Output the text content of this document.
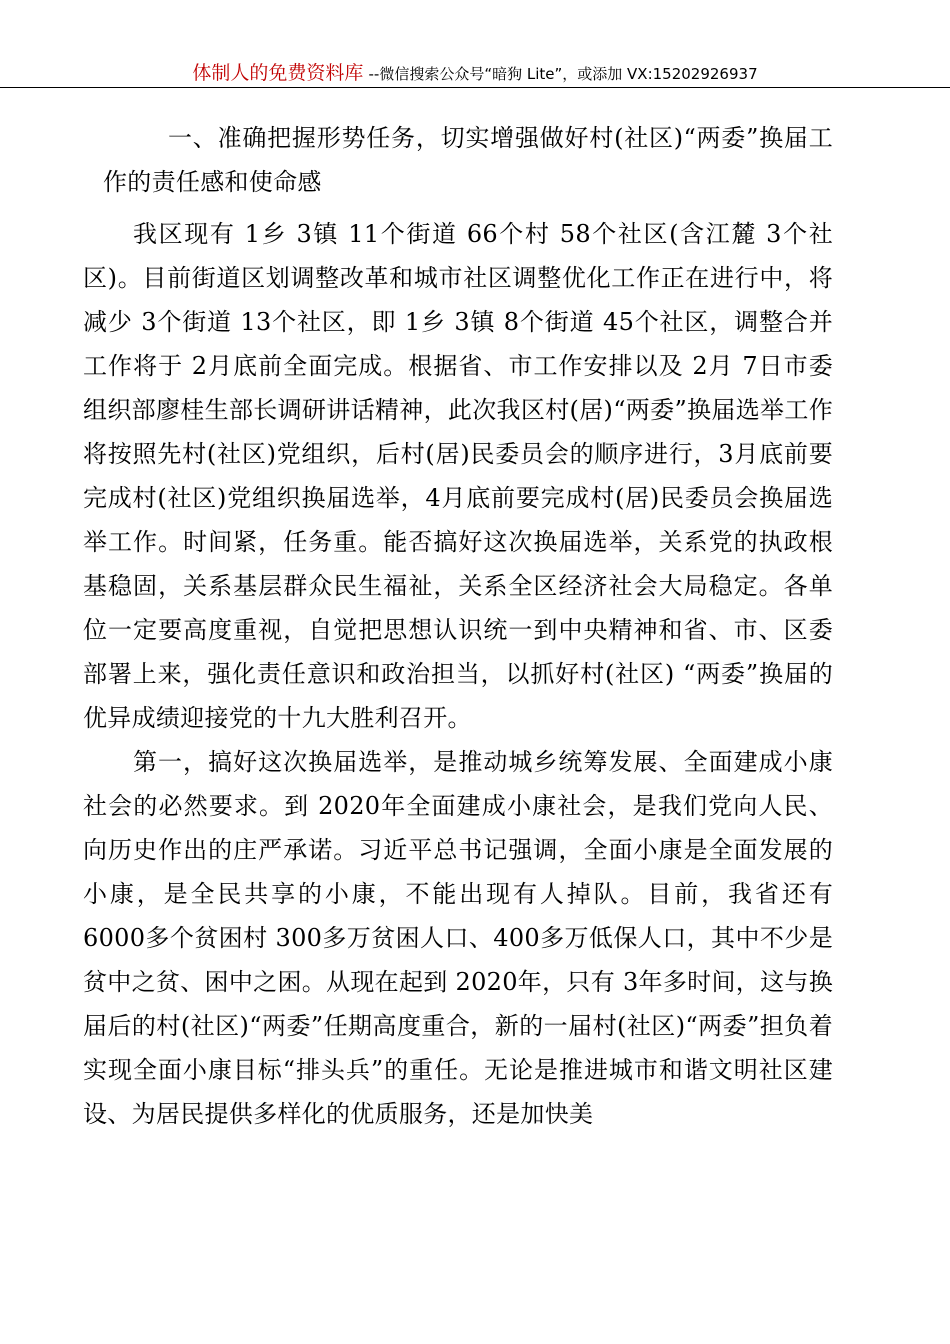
体制人的免费资料库 --微信搜索公众号“暗狗 Lite”，或添加 VX:15202926937
一、准确把握形势任务，切实增强做好村(社区)“两委”换届工作的责任感和使命感

我区现有 1乡 3镇 11个街道 66个村 58个社区(含江麓 3个社区)。目前街道区划调整改革和城市社区调整优化工作正在进行中，将减少 3个街道 13个社区，即 1乡 3镇 8个街道 45个社区，调整合并工作将于 2月底前全面完成。根据省、市工作安排以及 2月 7日市委组织部廖桂生部长调研讲话精神，此次我区村(居)“两委”换届选举工作将按照先村(社区)党组织，后村(居)民委员会的顺序进行，3月底前要完成村(社区)党组织换届选举，4月底前要完成村(居)民委员会换届选举工作。时间紧，任务重。能否搞好这次换届选举，关系党的执政根基稳固，关系基层群众民生福祉，关系全区经济社会大局稳定。各单位一定要高度重视，自觉把思想认识统一到中央精神和省、市、区委部署上来，强化责任意识和政治担当，以抓好村(社区) “两委”换届的优异成绩迎接党的十九大胜利召开。

第一，搞好这次换届选举，是推动城乡统筹发展、全面建成小康社会的必然要求。到 2020年全面建成小康社会，是我们党向人民、向历史作出的庄严承诺。习近平总书记强调，全面小康是全面发展的小康，是全民共享的小康，不能出现有人掉队。目前，我省还有 6000多个贫困村 300多万贫困人口、400多万低保人口，其中不少是贫中之贫、困中之困。从现在起到 2020年，只有 3年多时间，这与换届后的村(社区)“两委”任期高度重合，新的一届村(社区)“两委”担负着实现全面小康目标“排头兵”的重任。无论是推进城市和谐文明社区建设、为居民提供多样化的优质服务，还是加快美
